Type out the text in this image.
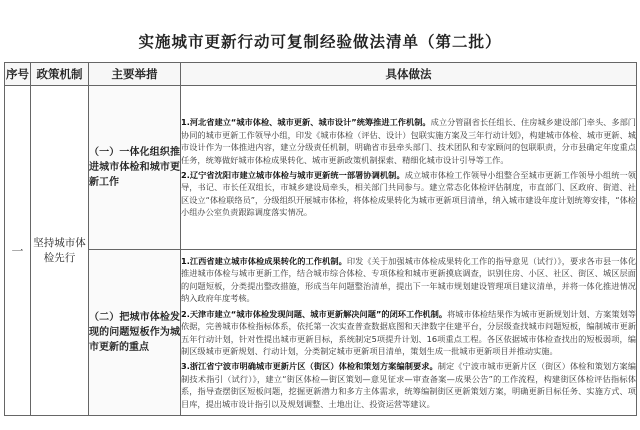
实施城市更新行动可复制经验做法清单（第二批）
序号	政策机制	主要举措	具体做法
一	坚持城市体检先行	（一）一体化组织推进城市体检和城市更新工作	1.河北省建立“城市体检、城市更新、城市设计”统筹推进工作机制。成立分管副省长任组长、住房城乡建设部门牵头、多部门协同的城市更新工作领导小组，印发《城市体检（评估、设计）包联实施方案及三年行动计划》，构建城市体检、城市更新、城市设计作为一体推进内容，建立分级责任机制，明确省市县牵头部门、技术团队和专家顾问的包联职责，分市县确定年度重点任务，统筹做好城市体检成果转化、城市更新政策机制探索、精细化城市设计引导等工作。
2.辽宁省沈阳市建立城市体检与城市更新统一部署协调机制。成立城市体检工作领导小组整合至城市更新工作领导小组统一领导，书记、市长任双组长，市城乡建设局牵头，相关部门共同参与。建立常态化体检评估制度，市直部门、区政府、街道、社区设立“体检联络员”，分级组织开展城市体检，将体检成果转化为城市更新项目清单，纳入城市建设年度计划统筹安排，“体检小组办公室负责跟踪调度落实情况。

		（二）把城市体检发现的问题短板作为城市更新的重点	1.江西省建立城市体检成果转化的工作机制。印发《关于加强城市体检成果转化工作的指导意见（试行）》，要求各市县一体化推进城市体检与城市更新工作，结合城市综合体检、专项体检和城市更新摸底调查，识别住房、小区、社区、街区、城区层面的问题短板，分类提出整改措施，形成当年问题整治清单，提出下一年城市规划建设管理项目建议清单，并将一体化推进情况纳入政府年度考核。
2.天津市建立“城市体检发现问题、城市更新解决问题”的闭环工作机制。将城市体检结果作为城市更新规划计划、方案策划等依据，完善城市体检指标体系，依托第一次实查普查数据底图和天津数字住建平台，分层级查找城市问题短板，编制城市更新五年行动计划，针对性提出城市更新目标，系统制定5项提升计划、16项重点工程。各区依据城市体检查找出的短板弱项，编制区级城市更新规划、行动计划，分类制定城市更新项目清单，策划生成一批城市更新项目并推动实施。
3.浙江省宁波市明确城市更新片区（街区）体检和策划方案编制要求。制定《宁波市城市更新片区（街区）体检和策划方案编制技术指引（试行）》，建立“街区体检—街区策划—意见征求—审查备案—成果公告”的工作流程，构建街区体检评估指标体系，指导查摆街区短板问题，挖掘更新潜力和多方主体需求，统筹编制街区更新策划方案，明确更新目标任务、实施方式、项目库，提出城市设计指引以及规划调整、土地出让、投资运营等建议。
